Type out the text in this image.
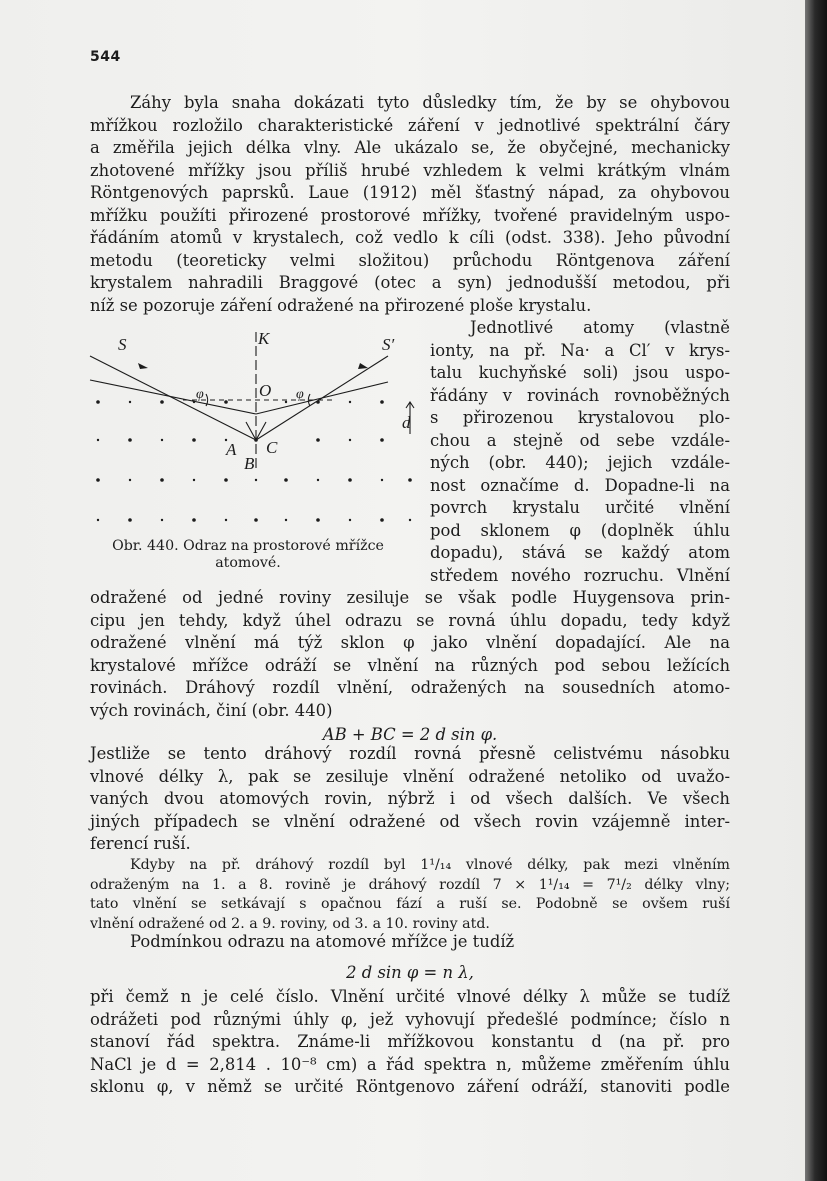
544
Záhy byla snaha dokázati tyto důsledky tím, že by se ohybovou
mřížkou rozložilo charakteristické záření v jednotlivé spektrální čáry
a změřila jejich délka vlny. Ale ukázalo se, že obyčejné, mechanicky
zhotovené mřížky jsou příliš hrubé vzhledem k velmi krátkým vlnám
Röntgenových paprsků. Laue (1912) měl šťastný nápad, za ohybovou
mřížku použíti přirozené prostorové mřížky, tvořené pravidelným uspo-
řádáním atomů v krystalech, což vedlo k cíli (odst. 338). Jeho původní
metodu (teoreticky velmi složitou) průchodu Röntgenova záření
krystalem nahradili Braggové (otec a syn) jednodušší metodou, při
níž se pozoruje záření odražené na přirozené ploše krystalu.
Jednotlivé atomy (vlastně
ionty, na př. Na· a Cl′ v krys-
talu kuchyňské soli) jsou uspo-
řádány v rovinách rovnoběžných
s přirozenou krystalovou plo-
chou a stejně od sebe vzdále-
ných (obr. 440); jejich vzdále-
nost označíme d. Dopadne-li na
povrch krystalu určité vlnění
pod sklonem φ (doplněk úhlu
dopadu), stává se každý atom
středem nového rozruchu. Vlnění
S	S′
K
O
A
B
C
d
φ	φ
Obr. 440. Odraz na prostorové mřížce atomové.
odražené od jedné roviny zesiluje se však podle Huygensova prin-
cipu jen tehdy, když úhel odrazu se rovná úhlu dopadu, tedy když
odražené vlnění má týž sklon φ jako vlnění dopadající. Ale na
krystalové mřížce odráží se vlnění na různých pod sebou ležících
rovinách. Dráhový rozdíl vlnění, odražených na sousedních atomo-
vých rovinách, činí (obr. 440)
AB + BC = 2 d sin φ.
Jestliže se tento dráhový rozdíl rovná přesně celistvému násobku
vlnové délky λ, pak se zesiluje vlnění odražené netoliko od uvažo-
vaných dvou atomových rovin, nýbrž i od všech dalších. Ve všech
jiných případech se vlnění odražené od všech rovin vzájemně inter-
ferencí ruší.
Kdyby na př. dráhový rozdíl byl 1¹/₁₄ vlnové délky, pak mezi vlněním
odraženým na 1. a 8. rovině je dráhový rozdíl 7 × 1¹/₁₄ = 7¹/₂ délky vlny;
tato vlnění se setkávají s opačnou fází a ruší se. Podobně se ovšem ruší
vlnění odražené od 2. a 9. roviny, od 3. a 10. roviny atd.
Podmínkou odrazu na atomové mřížce je tudíž
2 d sin φ = n λ,
při čemž n je celé číslo. Vlnění určité vlnové délky λ může se tudíž
odrážeti pod různými úhly φ, jež vyhovují předešlé podmínce; číslo n
stanoví řád spektra. Známe-li mřížkovou konstantu d (na př. pro
NaCl je d = 2,814 . 10⁻⁸ cm) a řád spektra n, můžeme změřením úhlu
sklonu φ, v němž se určité Röntgenovo záření odráží, stanoviti podle
